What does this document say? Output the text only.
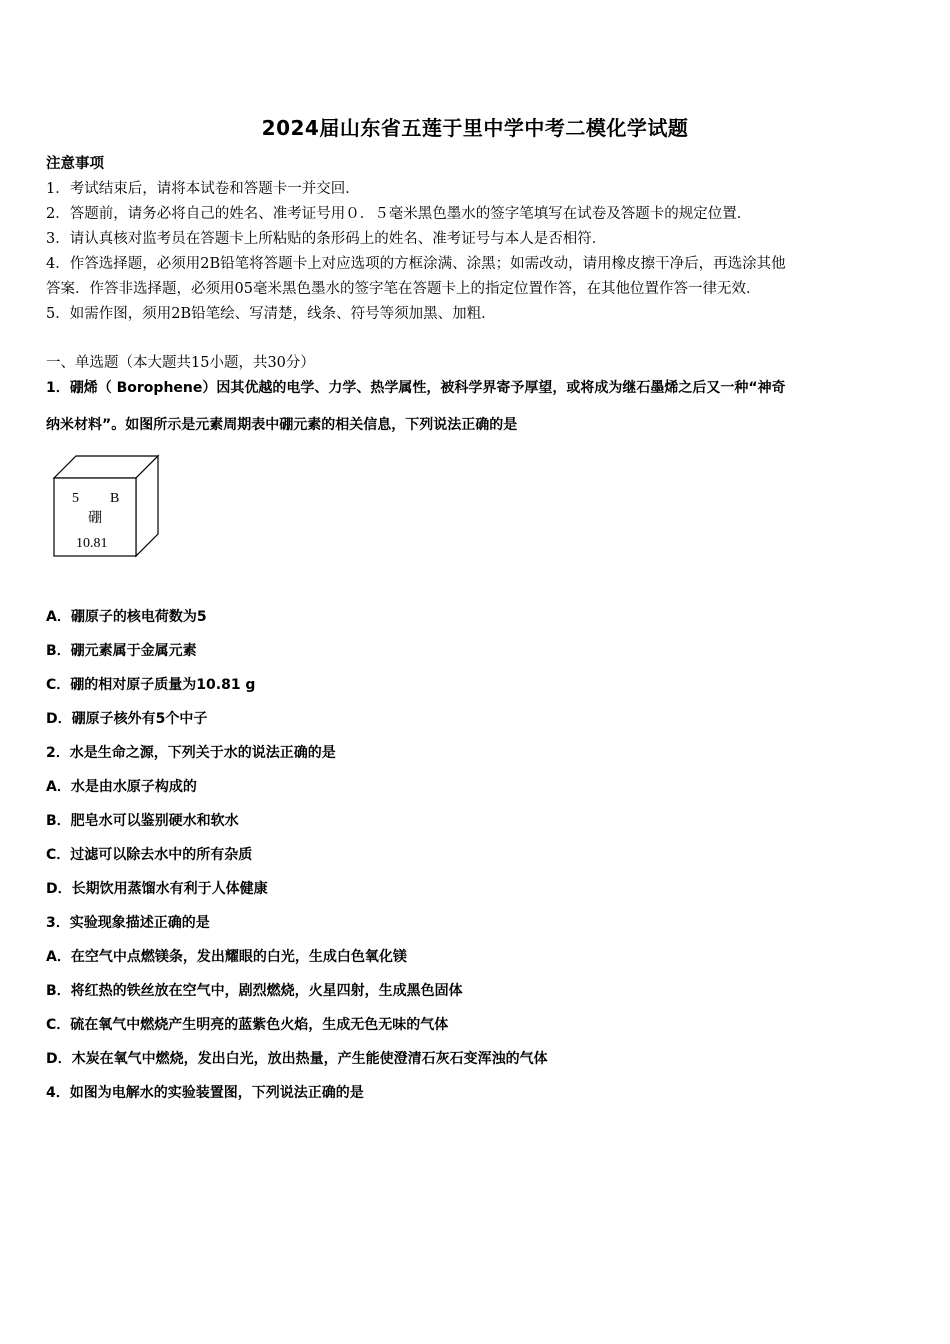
2024届山东省五莲于里中学中考二模化学试题
注意事项
1．考试结束后，请将本试卷和答题卡一并交回．
2．答题前，请务必将自己的姓名、准考证号用０．５毫米黑色墨水的签字笔填写在试卷及答题卡的规定位置．
3．请认真核对监考员在答题卡上所粘贴的条形码上的姓名、准考证号与本人是否相符．
4．作答选择题，必须用2B铅笔将答题卡上对应选项的方框涂满、涂黑；如需改动，请用橡皮擦干净后，再选涂其他
答案．作答非选择题，必须用05毫米黑色墨水的签字笔在答题卡上的指定位置作答，在其他位置作答一律无效．
5．如需作图，须用2B铅笔绘、写清楚，线条、符号等须加黑、加粗．
一、单选题（本大题共15小题，共30分）
1．硼烯（ Borophene）因其优越的电学、力学、热学属性，被科学界寄予厚望，或将成为继石墨烯之后又一种“神奇
纳米材料”。如图所示是元素周期表中硼元素的相关信息，下列说法正确的是
5 B
硼
10.81
A．硼原子的核电荷数为5
B．硼元素属于金属元素
C．硼的相对原子质量为10.81 g
D．硼原子核外有5个中子
2．水是生命之源，下列关于水的说法正确的是
A．水是由水原子构成的
B．肥皂水可以鉴别硬水和软水
C．过滤可以除去水中的所有杂质
D．长期饮用蒸馏水有利于人体健康
3．实验现象描述正确的是
A．在空气中点燃镁条，发出耀眼的白光，生成白色氧化镁
B．将红热的铁丝放在空气中，剧烈燃烧，火星四射，生成黑色固体
C．硫在氧气中燃烧产生明亮的蓝紫色火焰，生成无色无味的气体
D．木炭在氧气中燃烧，发出白光，放出热量，产生能使澄清石灰石变浑浊的气体
4．如图为电解水的实验装置图，下列说法正确的是
